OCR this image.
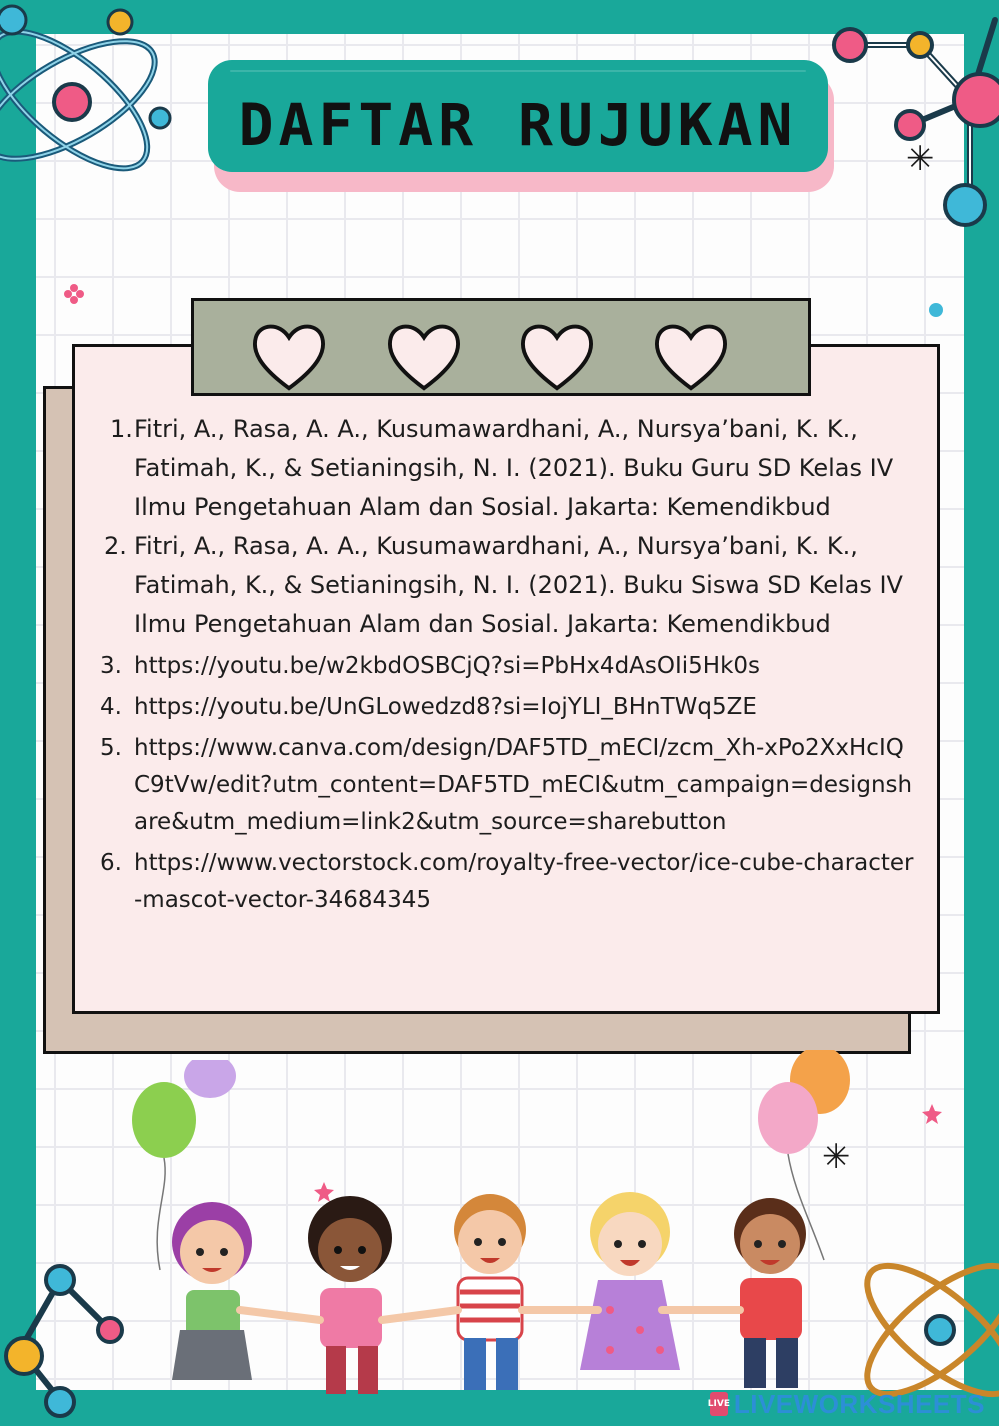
✳
DAFTAR RUJUKAN
1. Fitri, A., Rasa, A. A., Kusumawardhani, A., Nursya’bani, K. K., Fatimah, K., & Setianingsih, N. I. (2021). Buku Guru SD Kelas IV Ilmu Pengetahuan Alam dan Sosial. Jakarta: Kemendikbud
2. Fitri, A., Rasa, A. A., Kusumawardhani, A., Nursya’bani, K. K., Fatimah, K., & Setianingsih, N. I. (2021). Buku Siswa SD Kelas IV Ilmu Pengetahuan Alam dan Sosial. Jakarta: Kemendikbud
3. https://youtu.be/w2kbdOSBCjQ?si=PbHx4dAsOIi5Hk0s
4. https://youtu.be/UnGLowedzd8?si=IojYLI_BHnTWq5ZE
5. https://www.canva.com/design/DAF5TD_mECI/zcm_Xh-xPo2XxHcIQC9tVw/edit?utm_content=DAF5TD_mECI&utm_campaign=designshare&utm_medium=link2&utm_source=sharebutton
6. https://www.vectorstock.com/royalty-free-vector/ice-cube-character-mascot-vector-34684345
✳
LIVE LIVEWORKSHEETS
